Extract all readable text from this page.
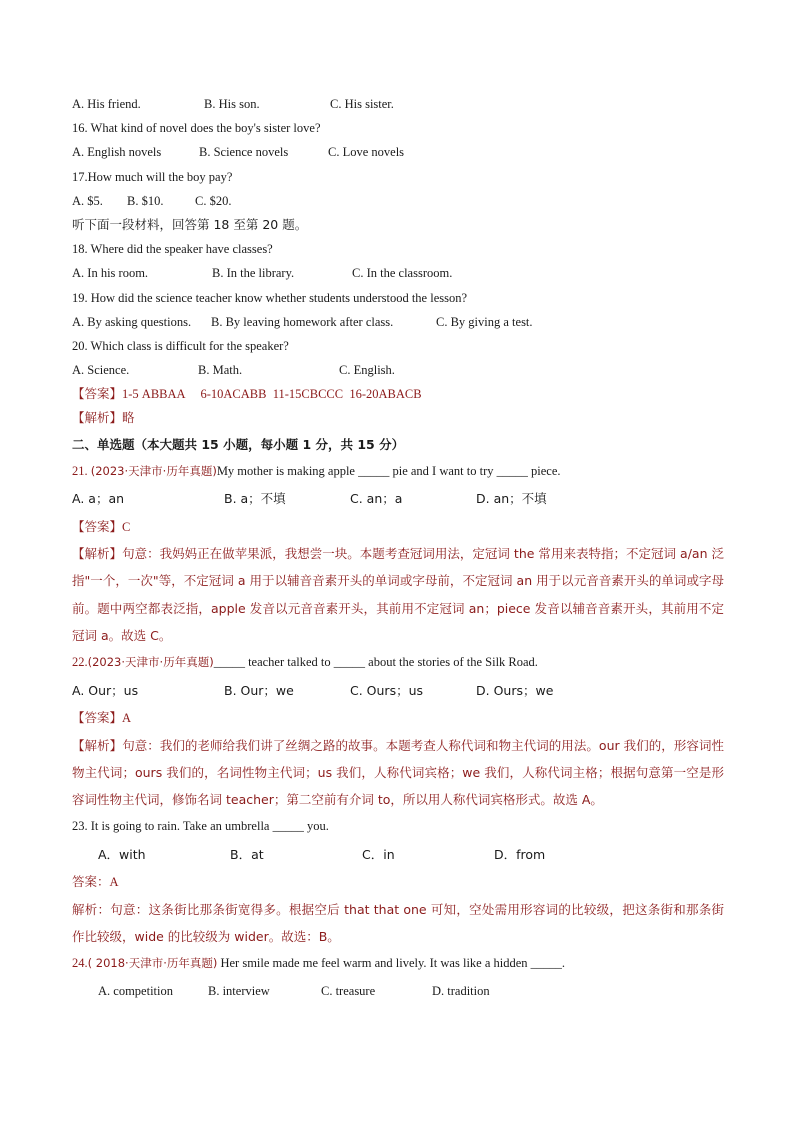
A. His friend.	B. His son.	C. His sister.
16. What kind of novel does the boy's sister love?
A. English novels	B. Science novels	C. Love novels
17.How much will the boy pay?
A. $5.	B. $10.	C. $20.
听下面一段材料，回答第 18 至第 20 题。
18. Where did the speaker have classes?
A. In his room.	B. In the library.	C. In the classroom.
19. How did the science teacher know whether students understood the lesson?
A. By asking questions.	B. By leaving homework after class.	C. By giving a test.
20. Which class is difficult for the speaker?
A. Science.	B. Math.	C. English.
【答案】1-5 ABBAA     6-10ACABB  11-15CBCCC  16-20ABACB
【解析】略
二、单选题（本大题共 15 小题，每小题 1 分，共 15 分）
21. (2023·天津市·历年真题)My mother is making apple _____ pie and I want to try _____ piece.
A. a；an	B. a；不填	C. an；a	D. an；不填
【答案】C
【解析】句意：我妈妈正在做苹果派，我想尝一块。本题考查冠词用法，定冠词 the 常用来表特指；不定冠词 a/an 泛指"一个，一次"等，不定冠词 a 用于以辅音音素开头的单词或字母前，不定冠词 an 用于以元音音素开头的单词或字母前。题中两空都表泛指，apple 发音以元音音素开头，其前用不定冠词 an；piece 发音以辅音音素开头，其前用不定冠词 a。故选 C。
22.(2023·天津市·历年真题)_____ teacher talked to _____ about the stories of the Silk Road.
A. Our；us	B. Our；we	C. Ours；us	D. Ours；we
【答案】A
【解析】句意：我们的老师给我们讲了丝绸之路的故事。本题考查人称代词和物主代词的用法。our 我们的，形容词性物主代词；ours 我们的，名词性物主代词；us 我们，人称代词宾格；we 我们，人称代词主格；根据句意第一空是形容词性物主代词，修饰名词 teacher；第二空前有介词 to，所以用人称代词宾格形式。故选 A。
23. It is going to rain. Take an umbrella _____ you.
A．with	B．at	C．in	D．from
答案：A
解析：句意：这条街比那条街宽得多。根据空后 that that one 可知，空处需用形容词的比较级，把这条街和那条街作比较级，wide 的比较级为 wider。故选：B。
24.( 2018·天津市·历年真题) Her smile made me feel warm and lively. It was like a hidden _____.
A. competition	B. interview	C. treasure	D. tradition
